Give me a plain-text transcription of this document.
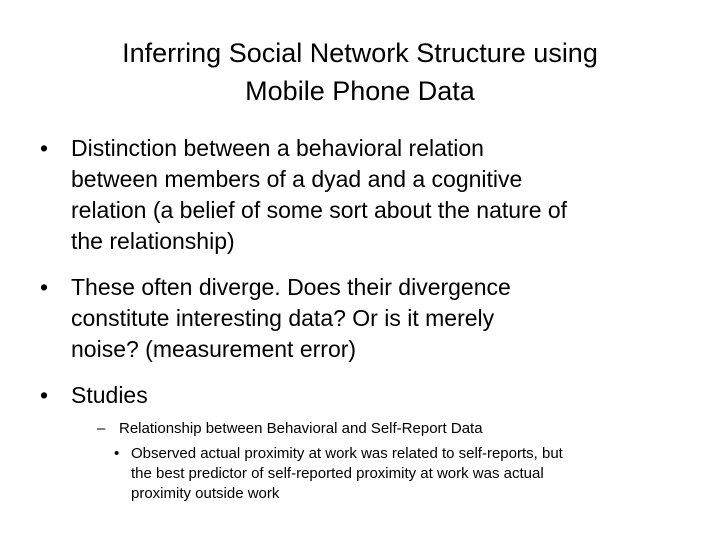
Inferring Social Network Structure using
Mobile Phone Data
• Distinction between a behavioral relation
between members of a dyad and a cognitive
relation (a belief of some sort about the nature of
the relationship)
• These often diverge. Does their divergence
constitute interesting data? Or is it merely
noise? (measurement error)
• Studies
– Relationship between Behavioral and Self-Report Data
• Observed actual proximity at work was related to self-reports, but
the best predictor of self-reported proximity at work was actual
proximity outside work
